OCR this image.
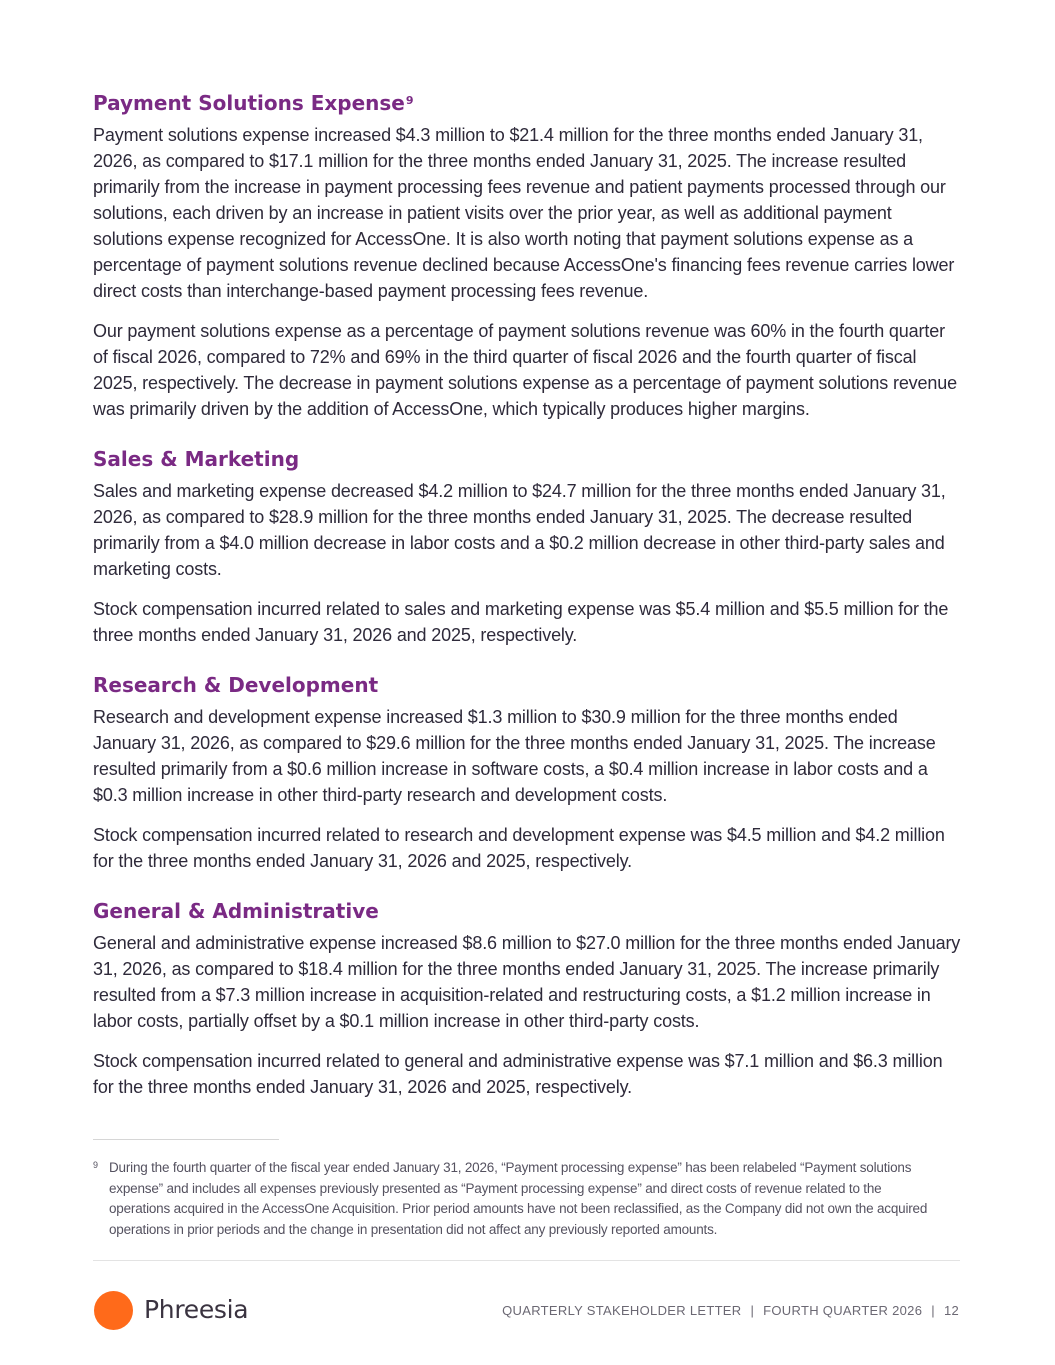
Payment Solutions Expense$^9$

Payment solutions expense increased $4.3 million to $21.4 million for the three months ended January 31, 2026, as compared to $17.1 million for the three months ended January 31, 2025. The increase resulted primarily from the increase in payment processing fees revenue and patient payments processed through our solutions, each driven by an increase in patient visits over the prior year, as well as additional payment solutions expense recognized for AccessOne. It is also worth noting that payment solutions expense as a percentage of payment solutions revenue declined because AccessOne's financing fees revenue carries lower direct costs than interchange-based payment processing fees revenue.

Our payment solutions expense as a percentage of payment solutions revenue was 60% in the fourth quarter of fiscal 2026, compared to 72% and 69% in the third quarter of fiscal 2026 and the fourth quarter of fiscal 2025, respectively. The decrease in payment solutions expense as a percentage of payment solutions revenue was primarily driven by the addition of AccessOne, which typically produces higher margins.

Sales & Marketing

Sales and marketing expense decreased $4.2 million to $24.7 million for the three months ended January 31, 2026, as compared to $28.9 million for the three months ended January 31, 2025. The decrease resulted primarily from a $4.0 million decrease in labor costs and a $0.2 million decrease in other third-party sales and marketing costs.

Stock compensation incurred related to sales and marketing expense was $5.4 million and $5.5 million for the three months ended January 31, 2026 and 2025, respectively.

Research & Development

Research and development expense increased $1.3 million to $30.9 million for the three months ended January 31, 2026, as compared to $29.6 million for the three months ended January 31, 2025. The increase resulted primarily from a $0.6 million increase in software costs, a $0.4 million increase in labor costs and a $0.3 million increase in other third-party research and development costs.

Stock compensation incurred related to research and development expense was $4.5 million and $4.2 million for the three months ended January 31, 2026 and 2025, respectively.

General & Administrative

General and administrative expense increased $8.6 million to $27.0 million for the three months ended January 31, 2026, as compared to $18.4 million for the three months ended January 31, 2025. The increase primarily resulted from a $7.3 million increase in acquisition-related and restructuring costs, a $1.2 million increase in labor costs, partially offset by a $0.1 million increase in other third-party costs.

Stock compensation incurred related to general and administrative expense was $7.1 million and $6.3 million for the three months ended January 31, 2026 and 2025, respectively.

9 During the fourth quarter of the fiscal year ended January 31, 2026, “Payment processing expense” has been relabeled “Payment solutions expense” and includes all expenses previously presented as “Payment processing expense” and direct costs of revenue related to the operations acquired in the AccessOne Acquisition. Prior period amounts have not been reclassified, as the Company did not own the acquired operations in prior periods and the change in presentation did not affect any previously reported amounts.
Phreesia	QUARTERLY STAKEHOLDER LETTER | FOURTH QUARTER 2026 | 12
